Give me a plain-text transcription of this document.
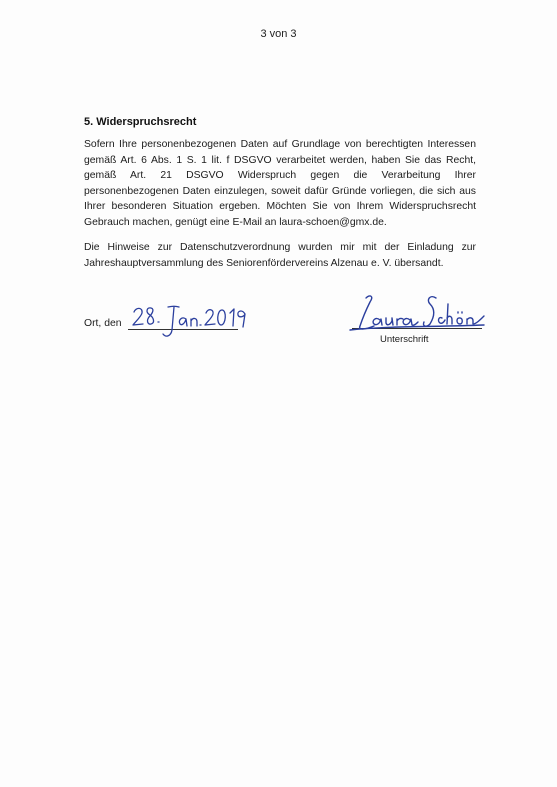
3 von 3
5. Widerspruchsrecht

Sofern Ihre personenbezogenen Daten auf Grundlage von berechtigten Interessen gemäß Art. 6 Abs. 1 S. 1 lit. f DSGVO verarbeitet werden, haben Sie das Recht, gemäß Art. 21 DSGVO Widerspruch gegen die Verarbeitung Ihrer personenbezogenen Daten einzulegen, soweit dafür Gründe vorliegen, die sich aus Ihrer besonderen Situation ergeben. Möchten Sie von Ihrem Widerspruchsrecht Gebrauch machen, genügt eine E-Mail an laura-schoen@gmx.de.

Die Hinweise zur Datenschutzverordnung wurden mir mit der Einladung zur Jahreshauptversammlung des Seniorenfördervereins Alzenau e. V. übersandt.

Ort, den
Unterschrift
